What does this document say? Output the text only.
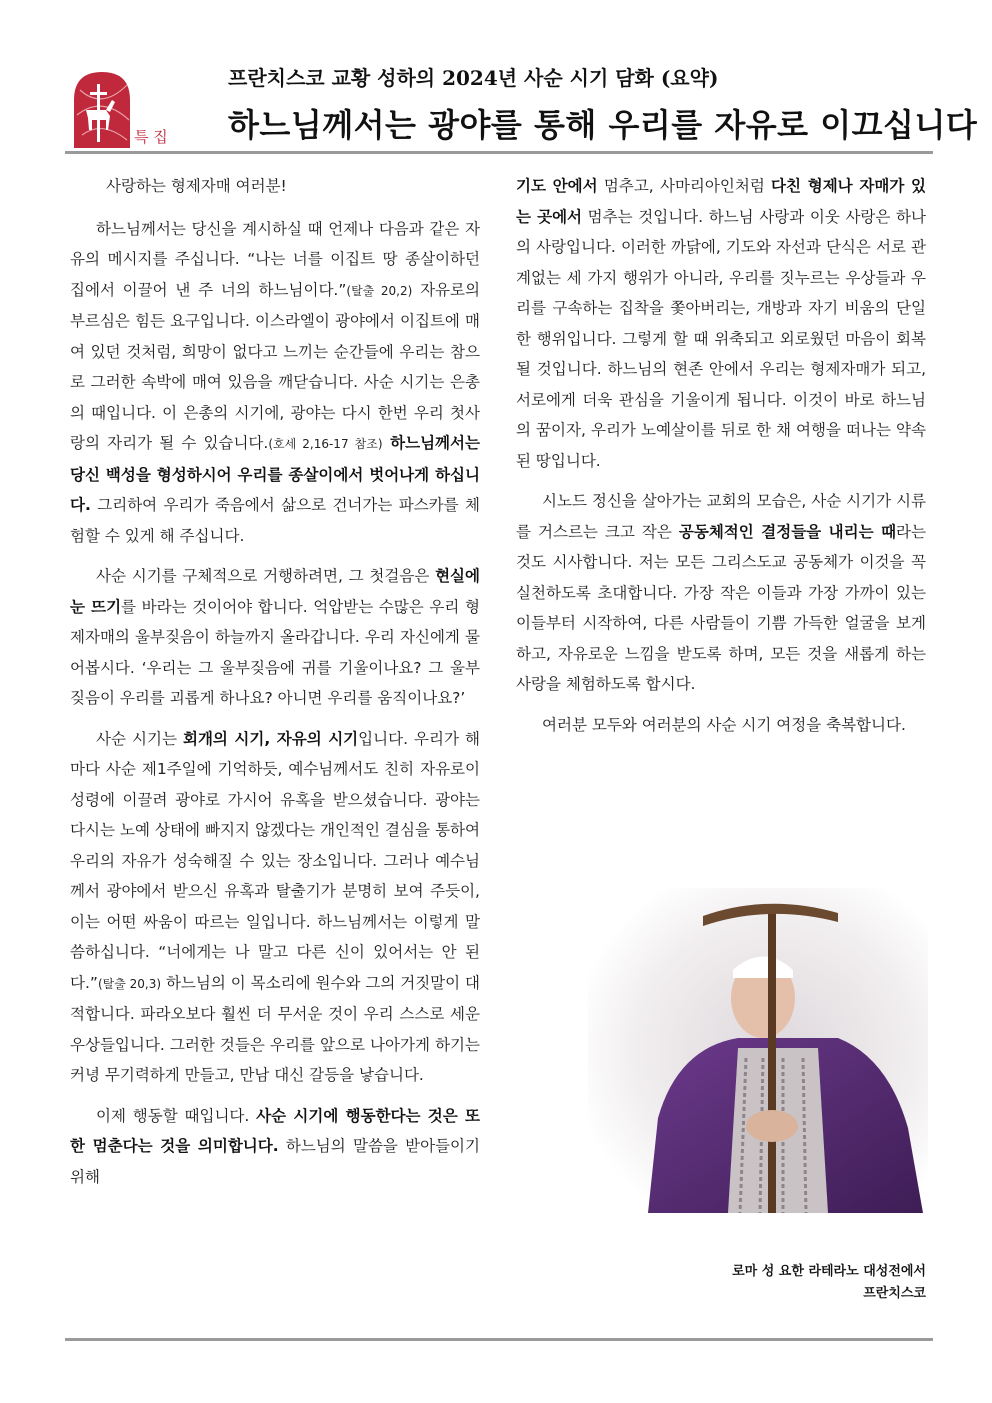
특 집
프란치스코 교황 성하의 2024년 사순 시기 담화 (요약)
하느님께서는 광야를 통해 우리를 자유로 이끄십니다

사랑하는 형제자매 여러분!

하느님께서는 당신을 계시하실 때 언제나 다음과 같은 자유의 메시지를 주십니다. “나는 너를 이집트 땅 종살이하던 집에서 이끌어 낸 주 너의 하느님이다.”(탈출 20,2) 자유로의 부르심은 힘든 요구입니다. 이스라엘이 광야에서 이집트에 매여 있던 것처럼, 희망이 없다고 느끼는 순간들에 우리는 참으로 그러한 속박에 매여 있음을 깨닫습니다. 사순 시기는 은총의 때입니다. 이 은총의 시기에, 광야는 다시 한번 우리 첫사랑의 자리가 될 수 있습니다.(호세 2,16-17 참조) 하느님께서는 당신 백성을 형성하시어 우리를 종살이에서 벗어나게 하십니다. 그리하여 우리가 죽음에서 삶으로 건너가는 파스카를 체험할 수 있게 해 주십니다.

사순 시기를 구체적으로 거행하려면, 그 첫걸음은 현실에 눈 뜨기를 바라는 것이어야 합니다. 억압받는 수많은 우리 형제자매의 울부짖음이 하늘까지 올라갑니다. 우리 자신에게 물어봅시다. ‘우리는 그 울부짖음에 귀를 기울이나요? 그 울부짖음이 우리를 괴롭게 하나요? 아니면 우리를 움직이나요?’

사순 시기는 회개의 시기, 자유의 시기입니다. 우리가 해마다 사순 제1주일에 기억하듯, 예수님께서도 친히 자유로이 성령에 이끌려 광야로 가시어 유혹을 받으셨습니다. 광야는 다시는 노예 상태에 빠지지 않겠다는 개인적인 결심을 통하여 우리의 자유가 성숙해질 수 있는 장소입니다. 그러나 예수님께서 광야에서 받으신 유혹과 탈출기가 분명히 보여 주듯이, 이는 어떤 싸움이 따르는 일입니다. 하느님께서는 이렇게 말씀하십니다. “너에게는 나 말고 다른 신이 있어서는 안 된다.”(탈출 20,3) 하느님의 이 목소리에 원수와 그의 거짓말이 대적합니다. 파라오보다 훨씬 더 무서운 것이 우리 스스로 세운 우상들입니다. 그러한 것들은 우리를 앞으로 나아가게 하기는커녕 무기력하게 만들고, 만남 대신 갈등을 낳습니다.

이제 행동할 때입니다. 사순 시기에 행동한다는 것은 또한 멈춘다는 것을 의미합니다. 하느님의 말씀을 받아들이기 위해

기도 안에서 멈추고, 사마리아인처럼 다친 형제나 자매가 있는 곳에서 멈추는 것입니다. 하느님 사랑과 이웃 사랑은 하나의 사랑입니다. 이러한 까닭에, 기도와 자선과 단식은 서로 관계없는 세 가지 행위가 아니라, 우리를 짓누르는 우상들과 우리를 구속하는 집착을 쫓아버리는, 개방과 자기 비움의 단일한 행위입니다. 그렇게 할 때 위축되고 외로웠던 마음이 회복될 것입니다. 하느님의 현존 안에서 우리는 형제자매가 되고, 서로에게 더욱 관심을 기울이게 됩니다. 이것이 바로 하느님의 꿈이자, 우리가 노예살이를 뒤로 한 채 여행을 떠나는 약속된 땅입니다.

시노드 정신을 살아가는 교회의 모습은, 사순 시기가 시류를 거스르는 크고 작은 공동체적인 결정들을 내리는 때라는 것도 시사합니다. 저는 모든 그리스도교 공동체가 이것을 꼭 실천하도록 초대합니다. 가장 작은 이들과 가장 가까이 있는 이들부터 시작하여, 다른 사람들이 기쁨 가득한 얼굴을 보게 하고, 자유로운 느낌을 받도록 하며, 모든 것을 새롭게 하는 사랑을 체험하도록 합시다.

여러분 모두와 여러분의 사순 시기 여정을 축복합니다.

로마 성 요한 라테라노 대성전에서
프란치스코
